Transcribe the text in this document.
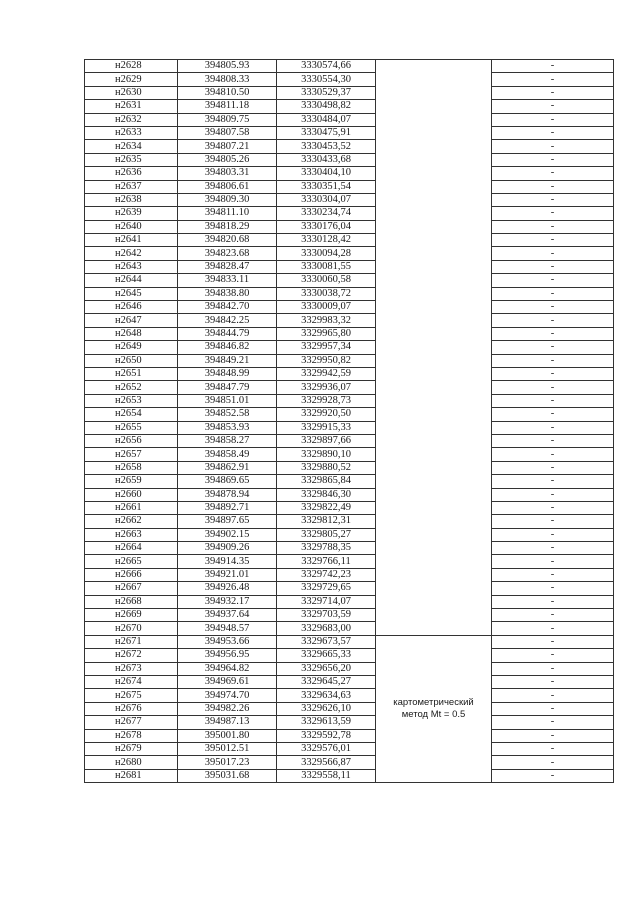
н2628	394805.93	3330574,66		-
н2629	394808.33	3330554,30		-
н2630	394810.50	3330529,37		-
н2631	394811.18	3330498,82		-
н2632	394809.75	3330484,07		-
н2633	394807.58	3330475,91		-
н2634	394807.21	3330453,52		-
н2635	394805.26	3330433,68		-
н2636	394803.31	3330404,10		-
н2637	394806.61	3330351,54		-
н2638	394809.30	3330304,07		-
н2639	394811.10	3330234,74		-
н2640	394818.29	3330176,04		-
н2641	394820.68	3330128,42		-
н2642	394823.68	3330094,28		-
н2643	394828.47	3330081,55		-
н2644	394833.11	3330060,58		-
н2645	394838.80	3330038,72		-
н2646	394842.70	3330009,07		-
н2647	394842.25	3329983,32		-
н2648	394844.79	3329965,80		-
н2649	394846.82	3329957,34		-
н2650	394849.21	3329950,82		-
н2651	394848.99	3329942,59		-
н2652	394847.79	3329936,07		-
н2653	394851.01	3329928,73		-
н2654	394852.58	3329920,50		-
н2655	394853.93	3329915,33		-
н2656	394858.27	3329897,66		-
н2657	394858.49	3329890,10		-
н2658	394862.91	3329880,52		-
н2659	394869.65	3329865,84		-
н2660	394878.94	3329846,30		-
н2661	394892.71	3329822,49		-
н2662	394897.65	3329812,31		-
н2663	394902.15	3329805,27		-
н2664	394909.26	3329788,35		-
н2665	394914.35	3329766,11		-
н2666	394921.01	3329742,23		-
н2667	394926.48	3329729,65		-
н2668	394932.17	3329714,07		-
н2669	394937.64	3329703,59		-
н2670	394948.57	3329683,00		-
н2671	394953.66	3329673,57	картометрический
метод Mt = 0.5	-
н2672	394956.95	3329665,33		-
н2673	394964.82	3329656,20		-
н2674	394969.61	3329645,27		-
н2675	394974.70	3329634,63		-
н2676	394982.26	3329626,10		-
н2677	394987.13	3329613,59		-
н2678	395001.80	3329592,78		-
н2679	395012.51	3329576,01		-
н2680	395017.23	3329566,87		-
н2681	395031.68	3329558,11		-
